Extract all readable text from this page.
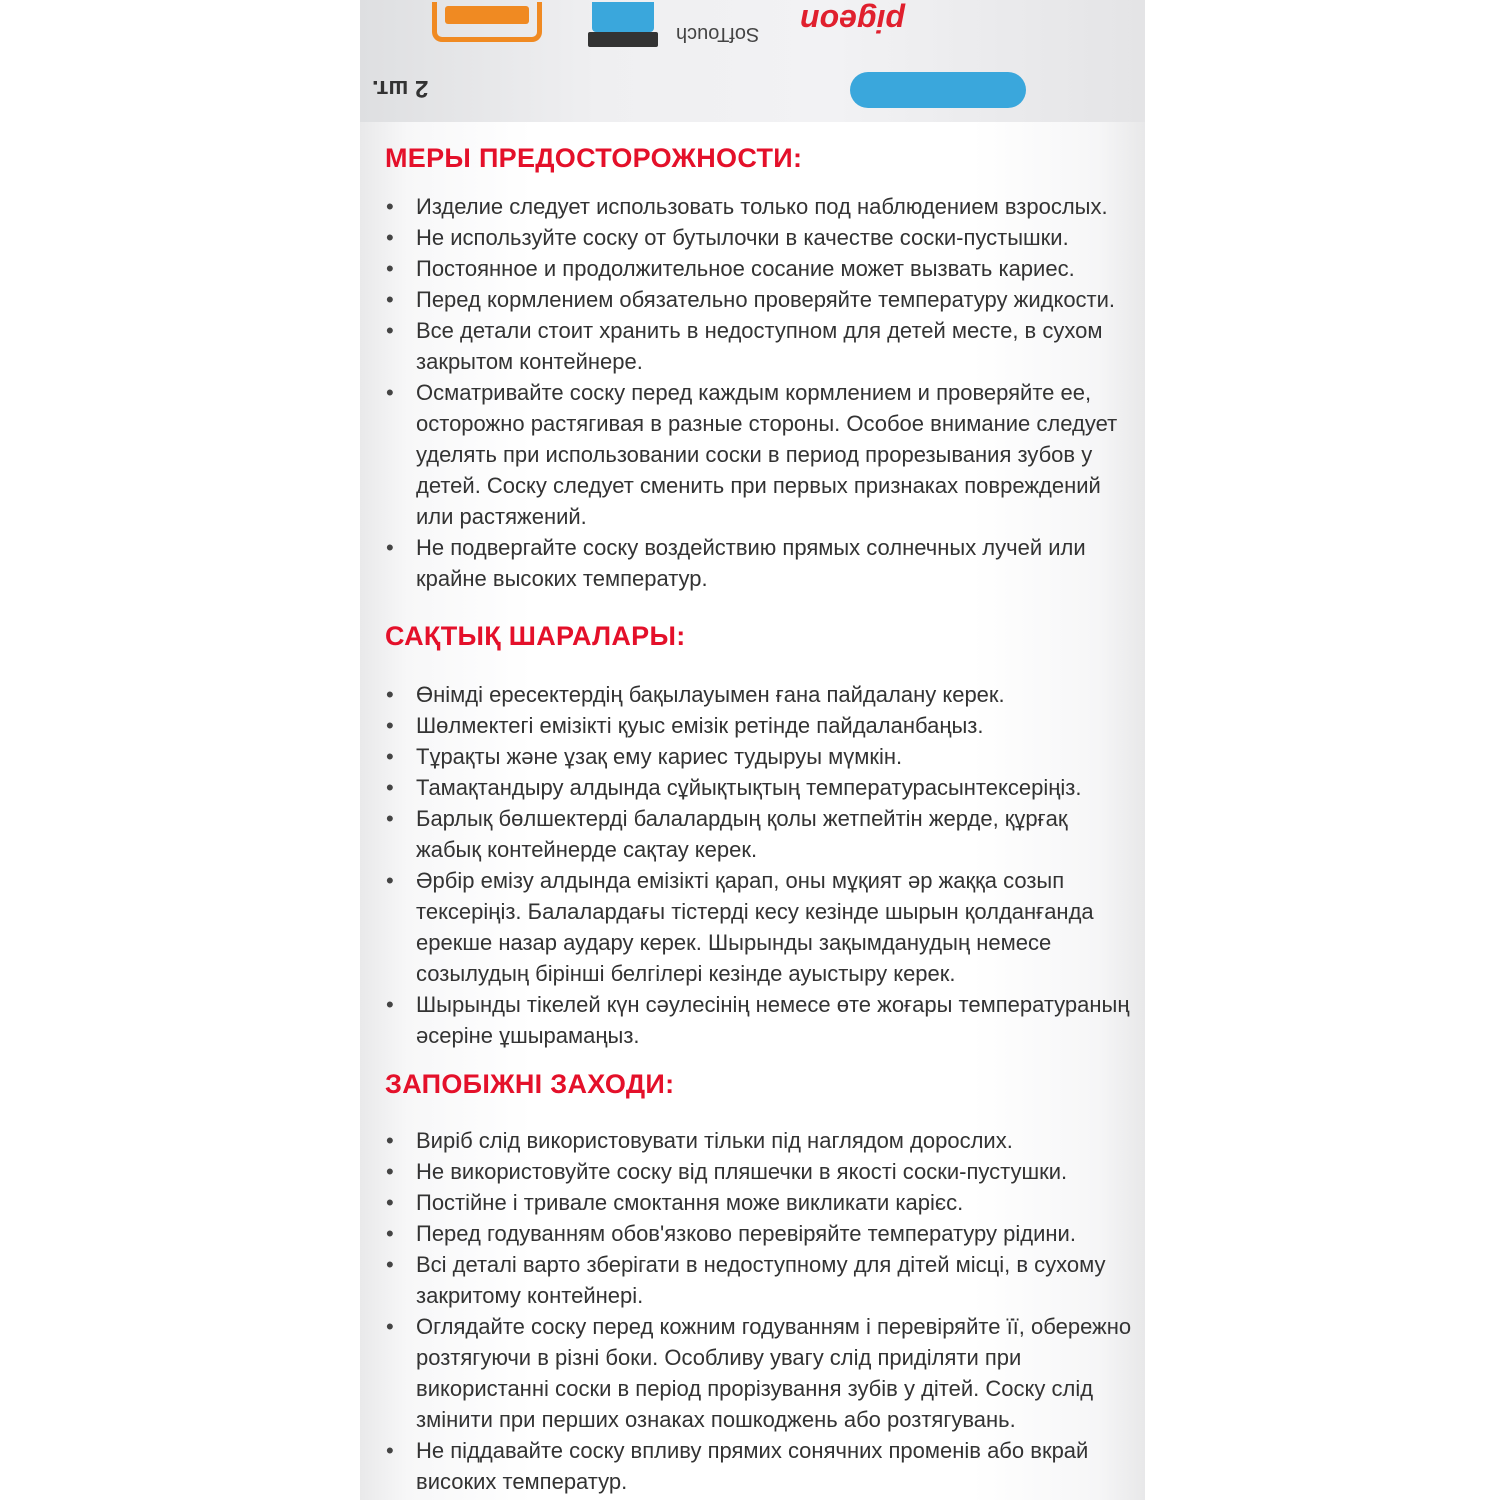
SofTouch pigeon
2 шт.
МЕРЫ ПРЕДОСТОРОЖНОСТИ:
• Изделие следует использовать только под наблюдением взрослых.
• Не используйте соску от бутылочки в качестве соски-пустышки.
• Постоянное и продолжительное сосание может вызвать кариес.
• Перед кормлением обязательно проверяйте температуру жидкости.
• Все детали стоит хранить в недоступном для детей месте, в сухом закрытом контейнере.
• Осматривайте соску перед каждым кормлением и проверяйте ее, осторожно растягивая в разные стороны. Особое внимание следует уделять при использовании соски в период прорезывания зубов у детей. Соску следует сменить при первых признаках повреждений или растяжений.
• Не подвергайте соску воздействию прямых солнечных лучей или крайне высоких температур.
САҚТЫҚ ШАРАЛАРЫ:
• Өнімді ересектердің бақылауымен ғана пайдалану керек.
• Шөлмектегі емізікті қуыс емізік ретінде пайдаланбаңыз.
• Тұрақты және ұзақ ему кариес тудыруы мүмкін.
• Тамақтандыру алдында сұйықтықтың температурасынтексеріңіз.
• Барлық бөлшектерді балалардың қолы жетпейтін жерде, құрғақ жабық контейнерде сақтау керек.
• Әрбір емізу алдында емізікті қарап, оны мұқият әр жаққа созып тексеріңіз. Балалардағы тістерді кесу кезінде шырын қолданғанда ерекше назар аудару керек. Шырынды зақымданудың немесе созылудың бірінші белгілері кезінде ауыстыру керек.
• Шырынды тікелей күн сәулесінің немесе өте жоғары температураның әсеріне ұшырамаңыз.
ЗАПОБІЖНІ ЗАХОДИ:
• Виріб слід використовувати тільки під наглядом дорослих.
• Не використовуйте соску від пляшечки в якості соски-пустушки.
• Постійне і тривале смоктання може викликати карієс.
• Перед годуванням обов'язково перевіряйте температуру рідини.
• Всі деталі варто зберігати в недоступному для дітей місці, в сухому закритому контейнері.
• Оглядайте соску перед кожним годуванням і перевіряйте її, обережно розтягуючи в різні боки. Особливу увагу слід приділяти при використанні соски в період прорізування зубів у дітей. Соску слід змінити при перших ознаках пошкоджень або розтягувань.
• Не піддавайте соску впливу прямих сонячних променів або вкрай високих температур.
